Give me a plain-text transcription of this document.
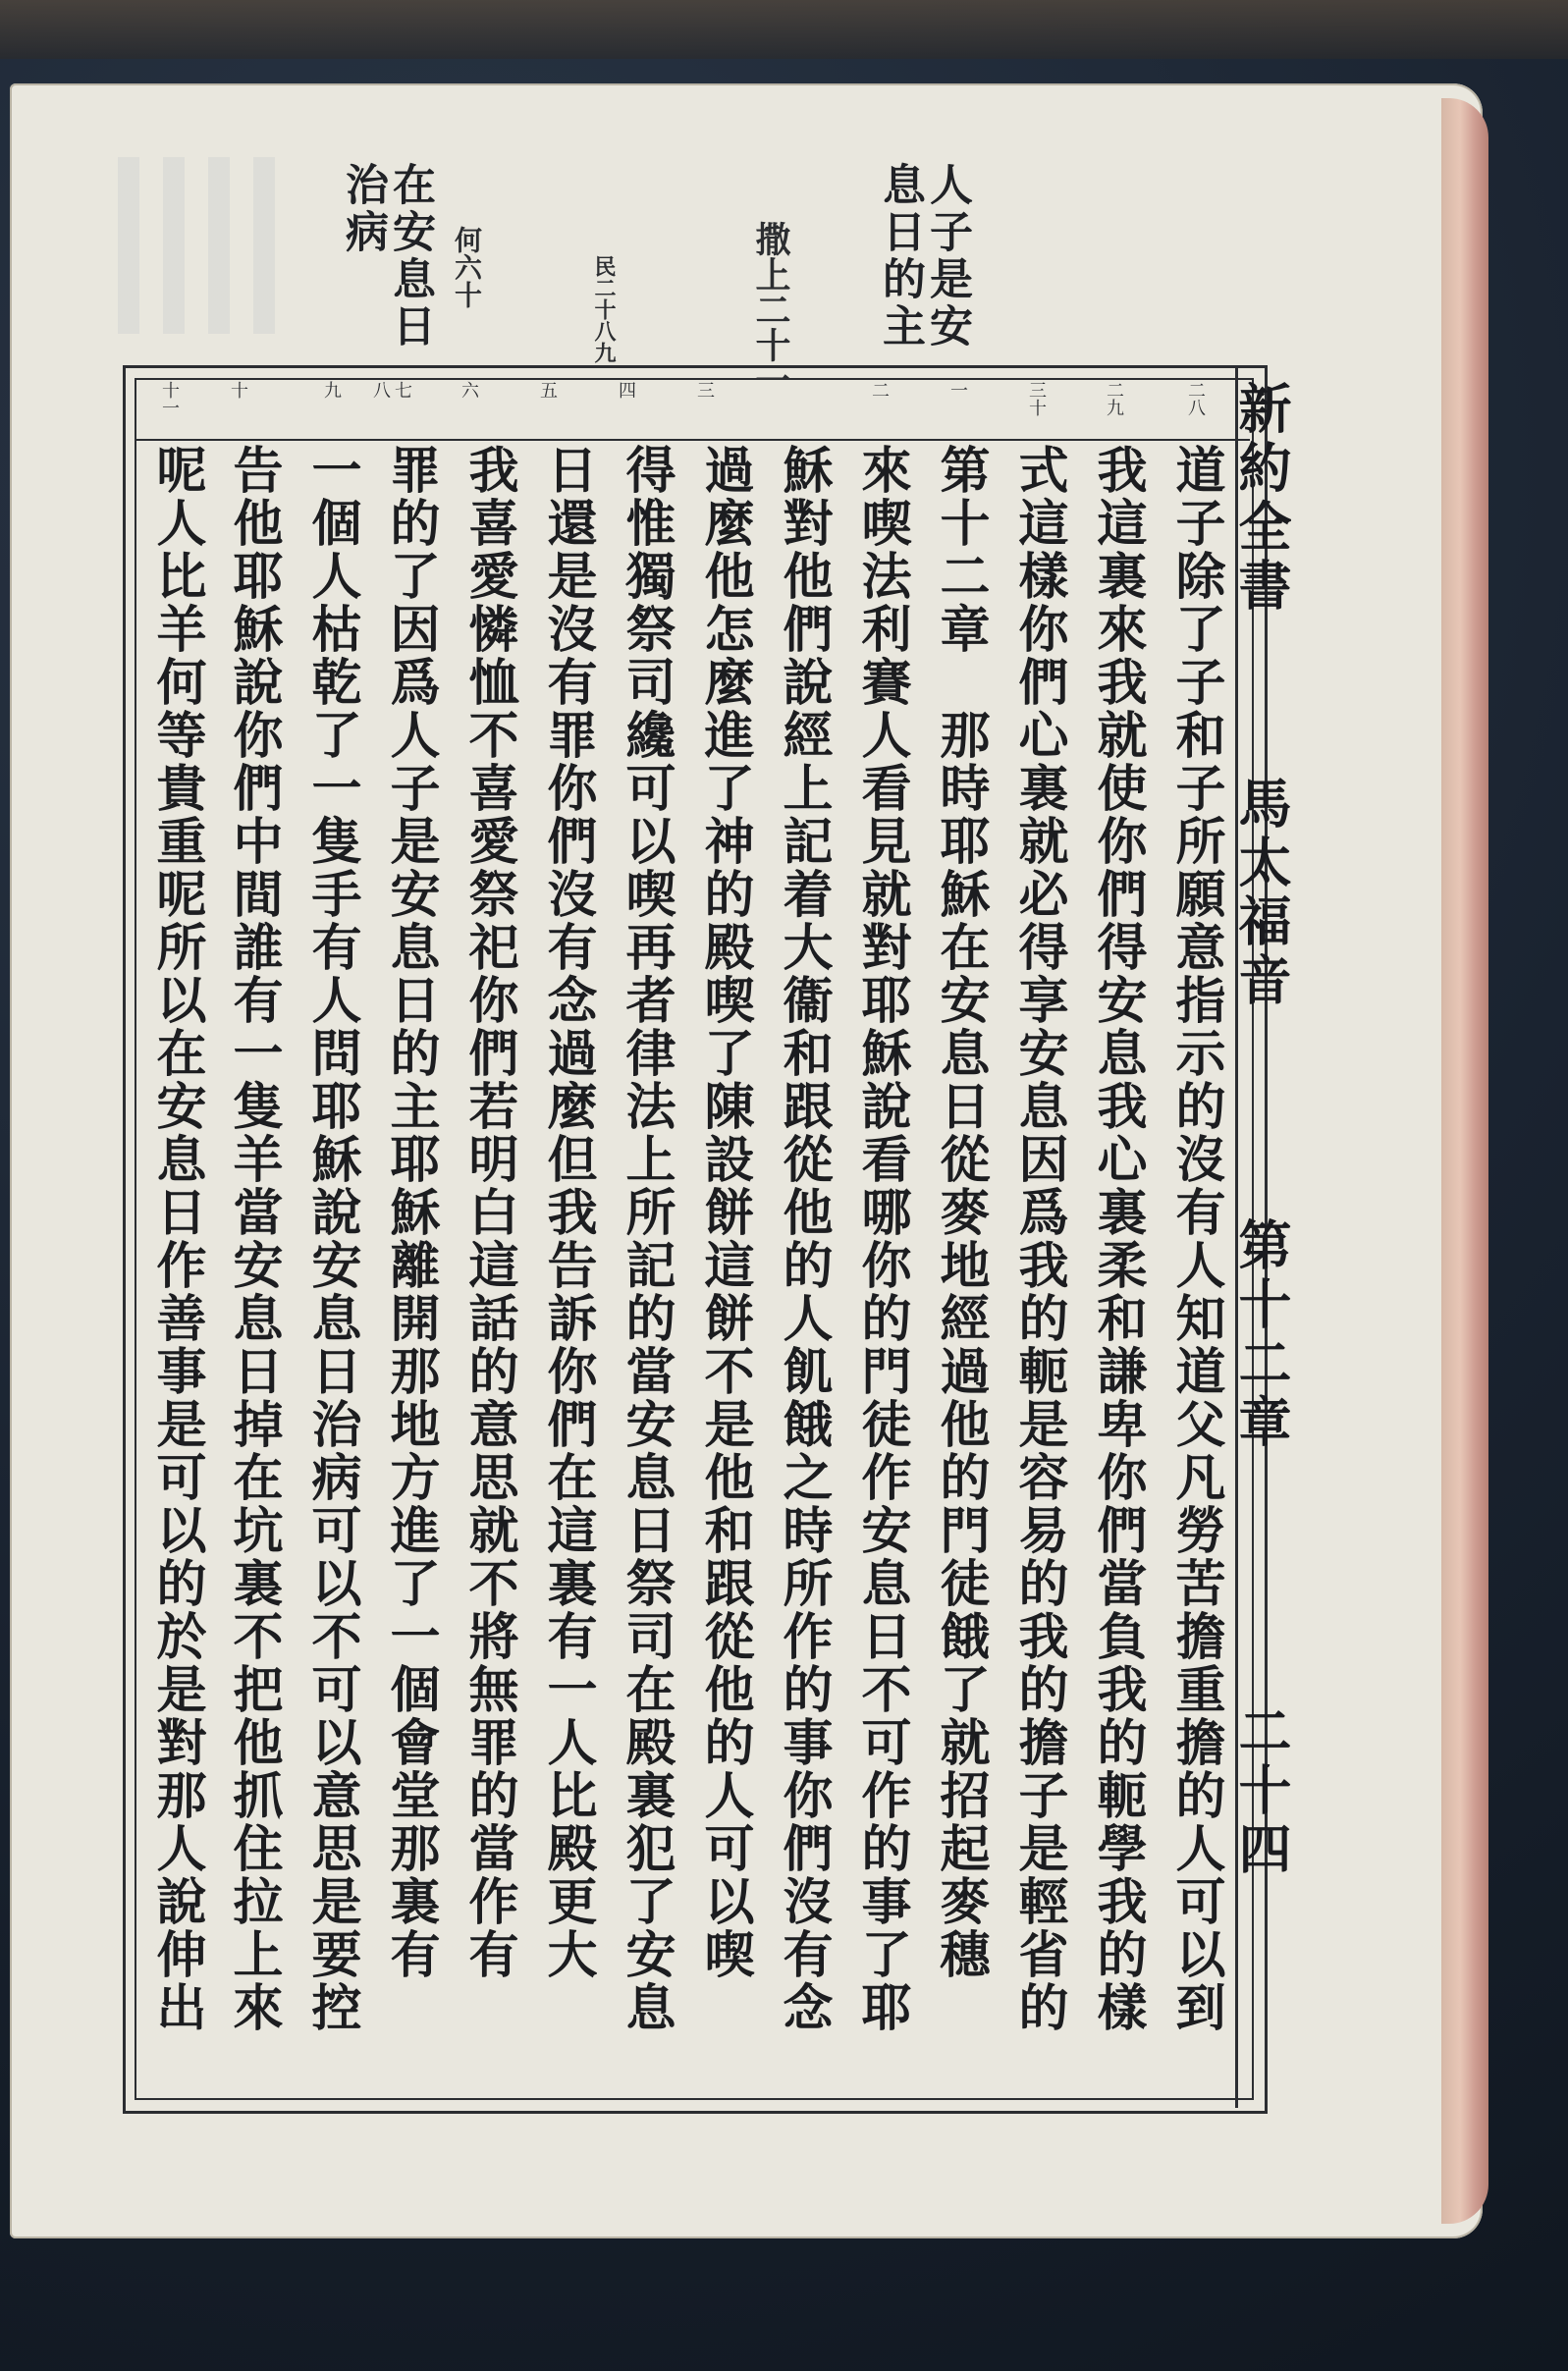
人子是安
息日的主
撒上二十一
民二十八九
何六十
在安息日
治病
新約全書
馬太福音
第十二章
二十四
二八
二九
三十
一
二
三
四
五
六
七
八
九
十
十一
道子除了子和子所願意指示的沒有人知道父凡勞苦擔重擔的人可以到
我這裏來我就使你們得安息我心裏柔和謙卑你們當負我的軛學我的樣
式這樣你們心裏就必得享安息因爲我的軛是容易的我的擔子是輕省的
第十二章　那時耶穌在安息日從麥地經過他的門徒餓了就招起麥穗
來喫法利賽人看見就對耶穌說看哪你的門徒作安息日不可作的事了耶
穌對他們說經上記着大衞和跟從他的人飢餓之時所作的事你們沒有念
過麼他怎麼進了神的殿喫了陳設餅這餅不是他和跟從他的人可以喫
得惟獨祭司纔可以喫再者律法上所記的當安息日祭司在殿裏犯了安息
日還是沒有罪你們沒有念過麼但我告訴你們在這裏有一人比殿更大
我喜愛憐恤不喜愛祭祀你們若明白這話的意思就不將無罪的當作有
罪的了因爲人子是安息日的主耶穌離開那地方進了一個會堂那裏有
一個人枯乾了一隻手有人問耶穌說安息日治病可以不可以意思是要控
告他耶穌說你們中間誰有一隻羊當安息日掉在坑裏不把他抓住拉上來
呢人比羊何等貴重呢所以在安息日作善事是可以的於是對那人說伸出
